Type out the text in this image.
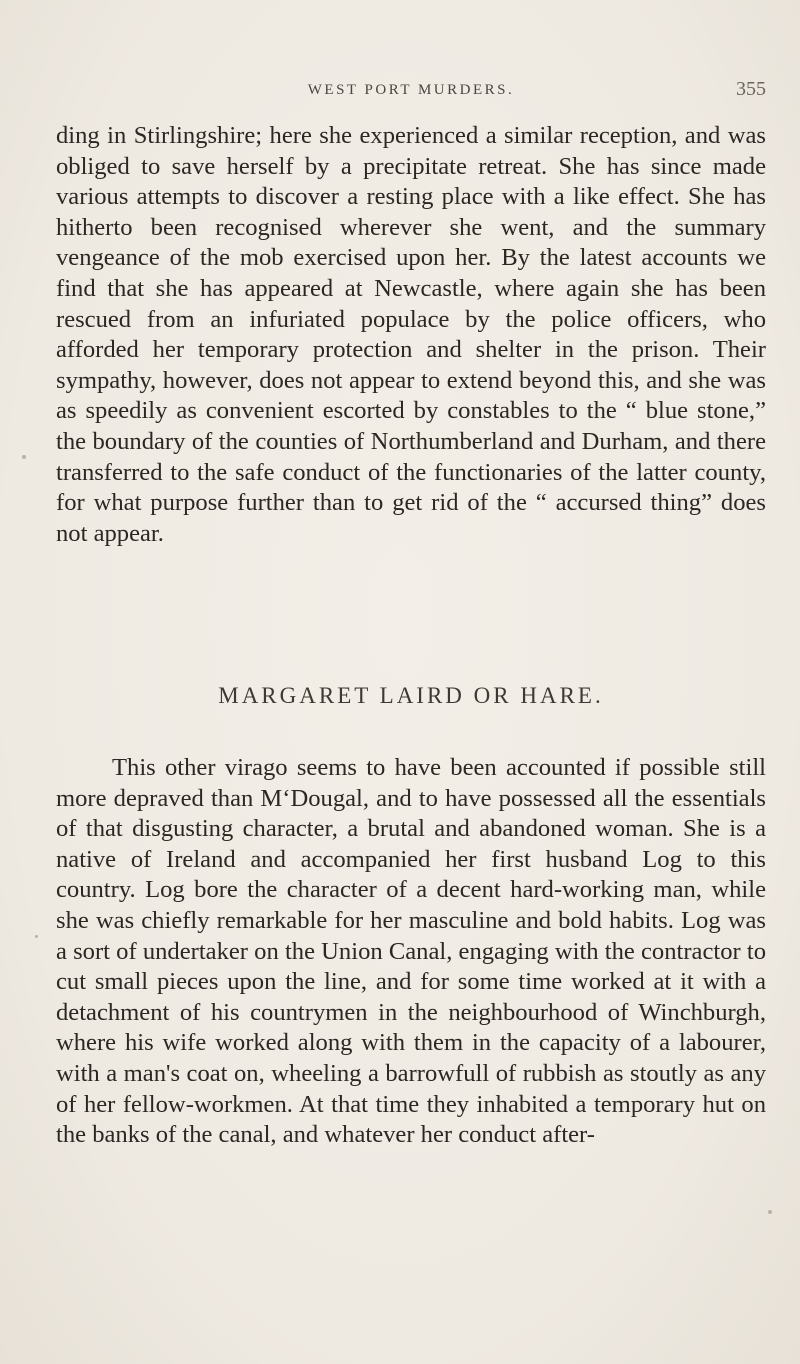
WEST PORT MURDERS.	355

ding in Stirlingshire; here she experienced a similar reception, and was obliged to save herself by a precipitate retreat. She has since made various attempts to discover a resting place with a like effect. She has hitherto been recognised wherever she went, and the summary vengeance of the mob exercised upon her. By the latest accounts we find that she has appeared at Newcastle, where again she has been rescued from an infuriated populace by the police officers, who afforded her temporary protection and shelter in the prison. Their sympathy, however, does not appear to extend beyond this, and she was as speedily as convenient escorted by constables to the “ blue stone,” the boundary of the counties of Northumberland and Durham, and there transferred to the safe conduct of the functionaries of the latter county, for what purpose further than to get rid of the “ accursed thing” does not appear.

MARGARET LAIRD OR HARE.

This other virago seems to have been accounted if possible still more depraved than M‘Dougal, and to have possessed all the essentials of that disgusting character, a brutal and abandoned woman. She is a native of Ireland and accompanied her first husband Log to this country. Log bore the character of a decent hard-working man, while she was chiefly remarkable for her masculine and bold habits. Log was a sort of undertaker on the Union Canal, engaging with the contractor to cut small pieces upon the line, and for some time worked at it with a detachment of his countrymen in the neighbourhood of Winchburgh, where his wife worked along with them in the capacity of a labourer, with a man's coat on, wheeling a barrowfull of rubbish as stoutly as any of her fellow-workmen. At that time they inhabited a temporary hut on the banks of the canal, and whatever her conduct after-
